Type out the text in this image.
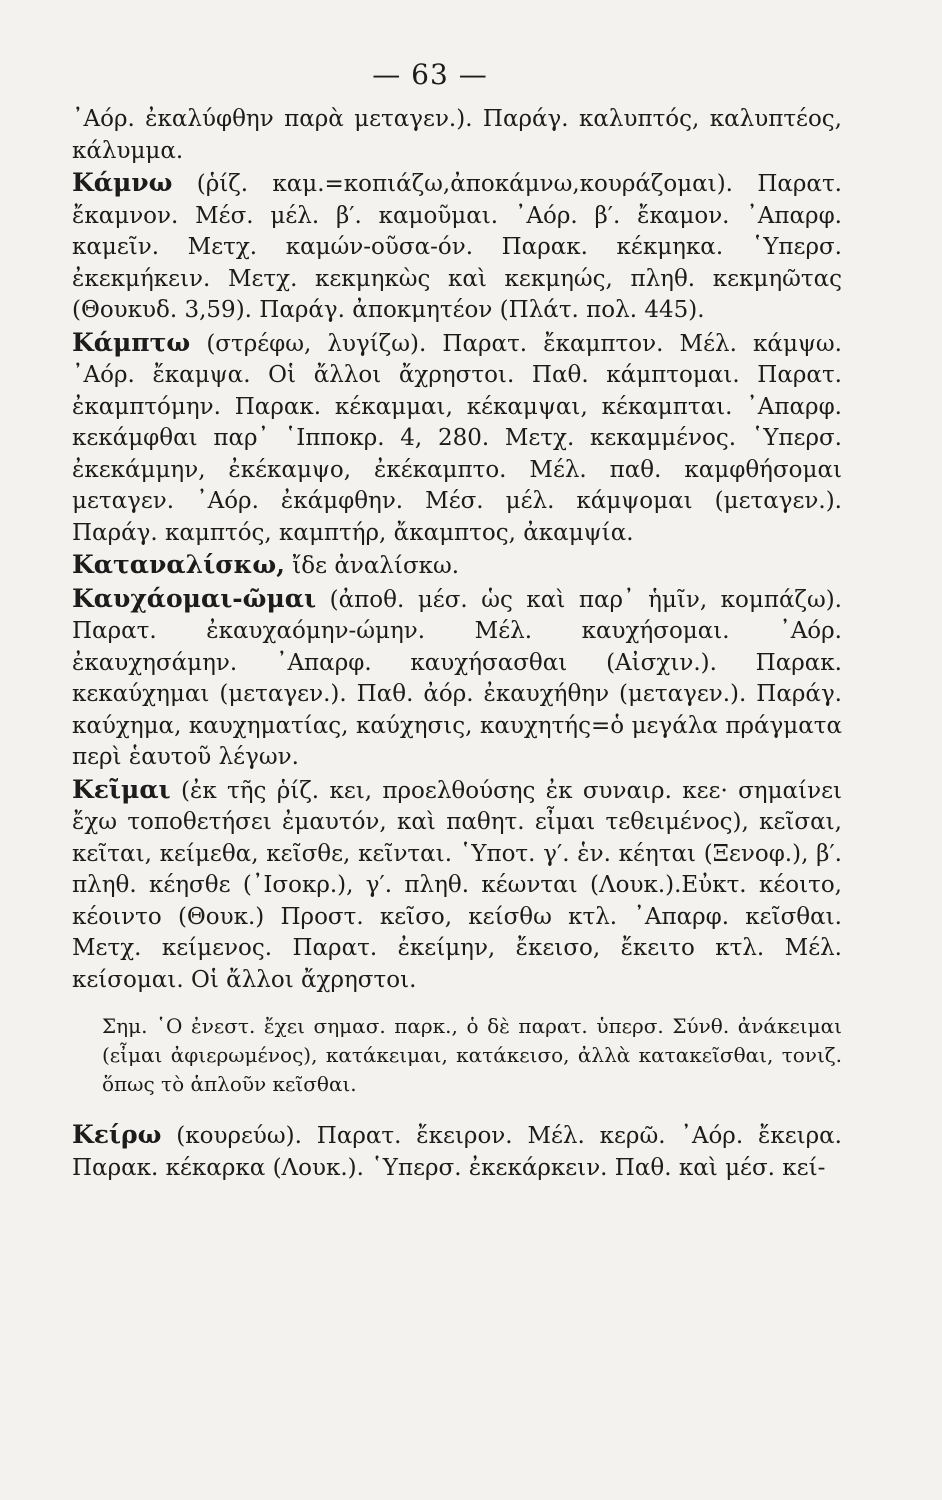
— 63 —

᾿Αόρ. ἐκαλύφθην παρὰ μεταγεν.). Παράγ. καλυπτός, καλυπτέος, κάλυμμα.

Κάμνω (ῥίζ. καμ.=κοπιάζω,ἀποκάμνω,κουράζομαι). Παρατ. ἔκαμνον. Μέσ. μέλ. β′. καμοῦμαι. ᾿Αόρ. β′. ἔκαμον. ᾿Απαρφ. καμεῖν. Μετχ. καμών-οῦσα-όν. Παρακ. κέκμηκα. ῾Υπερσ. ἐκεκμήκειν. Μετχ. κεκμηκὼς καὶ κεκμηώς, πληθ. κεκμηῶτας (Θουκυδ. 3,59). Παράγ. ἀποκμητέον (Πλάτ. πολ. 445).

Κάμπτω (στρέφω, λυγίζω). Παρατ. ἔκαμπτον. Μέλ. κάμψω. ᾿Αόρ. ἔκαμψα. Οἱ ἄλλοι ἄχρηστοι. Παθ. κάμπτομαι. Παρατ. ἐκαμπτόμην. Παρακ. κέκαμμαι, κέκαμψαι, κέκαμπται. ᾿Απαρφ. κεκάμφθαι παρ᾿ ῾Ιπποκρ. 4, 280. Μετχ. κεκαμμένος. ῾Υπερσ. ἐκεκάμμην, ἐκέκαμψο, ἐκέκαμπτο. Μέλ. παθ. καμφθήσομαι μεταγεν. ᾿Αόρ. ἐκάμφθην. Μέσ. μέλ. κάμψομαι (μεταγεν.). Παράγ. καμπτός, καμπτήρ, ἄκαμπτος, ἀκαμψία.

Καταναλίσκω, ἴδε ἀναλίσκω.

Καυχάομαι-ῶμαι (ἀποθ. μέσ. ὡς καὶ παρ᾿ ἡμῖν, κομπάζω). Παρατ. ἐκαυχαόμην-ώμην. Μέλ. καυχήσομαι. ᾿Αόρ. ἐκαυχησάμην. ᾿Απαρφ. καυχήσασθαι (Αἰσχιν.). Παρακ. κεκαύχημαι (μεταγεν.). Παθ. ἀόρ. ἐκαυχήθην (μεταγεν.). Παράγ. καύχημα, καυχηματίας, καύχησις, καυχητής=ὁ μεγάλα πράγματα περὶ ἑαυτοῦ λέγων.

Κεῖμαι (ἐκ τῆς ῥίζ. κει, προελθούσης ἐκ συναιρ. κεε· σημαίνει ἔχω τοποθετήσει ἐμαυτόν, καὶ παθητ. εἶμαι τεθειμένος), κεῖσαι, κεῖται, κείμεθα, κεῖσθε, κεῖνται. ῾Υποτ. γ′. ἑν. κέηται (Ξενοφ.), β′. πληθ. κέησθε (᾿Ισοκρ.), γ′. πληθ. κέωνται (Λουκ.).Εὐκτ. κέοιτο, κέοιντο (Θουκ.) Προστ. κεῖσο, κείσθω κτλ. ᾿Απαρφ. κεῖσθαι. Μετχ. κείμενος. Παρατ. ἐκείμην, ἔκεισο, ἔκειτο κτλ. Μέλ. κείσομαι. Οἱ ἄλλοι ἄχρηστοι.

Σημ. ῾Ο ἐνεστ. ἔχει σημασ. παρκ., ὁ δὲ παρατ. ὑπερσ. Σύνθ. ἀνάκειμαι (εἶμαι ἀφιερωμένος), κατάκειμαι, κατάκεισο, ἀλλὰ κατακεῖσθαι, τονιζ. ὅπως τὸ ἁπλοῦν κεῖσθαι.

Κείρω (κουρεύω). Παρατ. ἔκειρον. Μέλ. κερῶ. ᾿Αόρ. ἔκειρα. Παρακ. κέκαρκα (Λουκ.). ῾Υπερσ. ἐκεκάρκειν. Παθ. καὶ μέσ. κεί-
